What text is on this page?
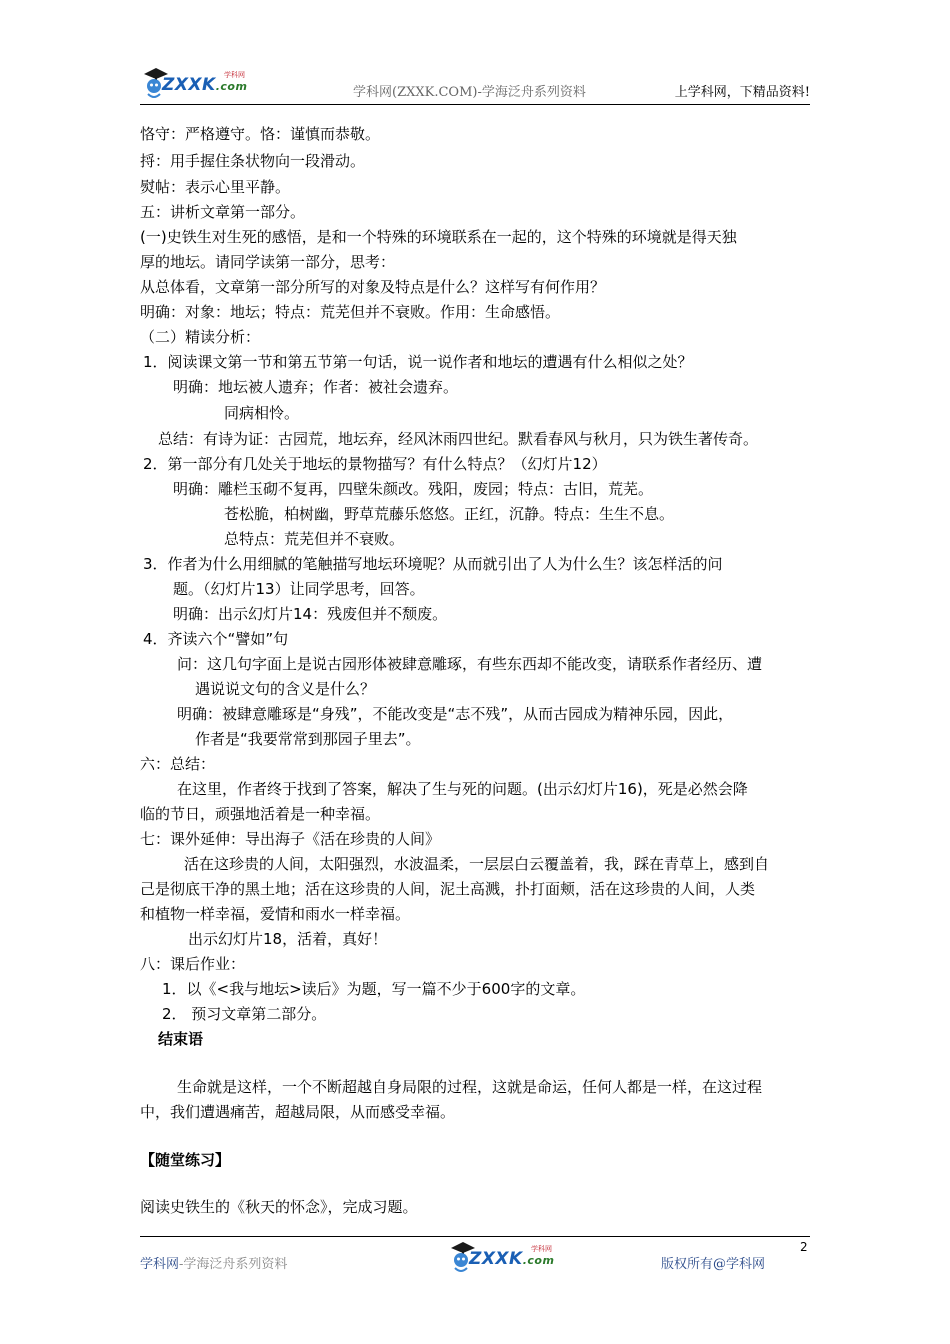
ZXXK.com
学科网
学科网(ZXXK.COM)-学海泛舟系列资料	上学科网，下精品资料!
恪守：严格遵守。恪：谨慎而恭敬。
捋：用手握住条状物向一段滑动。
熨帖：表示心里平静。
五：讲析文章第一部分。
(一)史铁生对生死的感悟，是和一个特殊的环境联系在一起的，这个特殊的环境就是得天独
厚的地坛。请同学读第一部分，思考：
从总体看，文章第一部分所写的对象及特点是什么？这样写有何作用？
明确：对象：地坛；特点：荒芜但并不衰败。作用：生命感悟。
（二）精读分析：
1．阅读课文第一节和第五节第一句话，说一说作者和地坛的遭遇有什么相似之处？
明确：地坛被人遗弃；作者：被社会遗弃。
同病相怜。
总结：有诗为证：古园荒，地坛弃，经风沐雨四世纪。默看春风与秋月，只为铁生著传奇。
2．第一部分有几处关于地坛的景物描写？有什么特点？（幻灯片12）
明确：雕栏玉砌不复再，四壁朱颜改。残阳，废园；特点：古旧，荒芜。
苍松脆，柏树幽，野草荒藤乐悠悠。正红，沉静。特点：生生不息。
总特点：荒芜但并不衰败。
3．作者为什么用细腻的笔触描写地坛环境呢？从而就引出了人为什么生？该怎样活的问
题。（幻灯片13）让同学思考，回答。
明确：出示幻灯片14：残废但并不颓废。
4．齐读六个“譬如”句
问：这几句字面上是说古园形体被肆意雕琢，有些东西却不能改变，请联系作者经历、遭
遇说说文句的含义是什么？
明确：被肆意雕琢是“身残”，不能改变是“志不残”，从而古园成为精神乐园，因此，
作者是“我要常常到那园子里去”。
六：总结：
在这里，作者终于找到了答案，解决了生与死的问题。(出示幻灯片16)，死是必然会降
临的节日，顽强地活着是一种幸福。
七：课外延伸：导出海子《活在珍贵的人间》
活在这珍贵的人间，太阳强烈，水波温柔，一层层白云覆盖着，我，踩在青草上，感到自
己是彻底干净的黑土地；活在这珍贵的人间，泥土高溅，扑打面颊，活在这珍贵的人间，人类
和植物一样幸福，爱情和雨水一样幸福。
出示幻灯片18，活着，真好！
八：课后作业：
1．以《<我与地坛>读后》为题，写一篇不少于600字的文章。
2． 预习文章第二部分。
结束语
生命就是这样，一个不断超越自身局限的过程，这就是命运，任何人都是一样，在这过程
中，我们遭遇痛苦，超越局限，从而感受幸福。
【随堂练习】
阅读史铁生的《秋天的怀念》，完成习题。
学科网-学海泛舟系列资料	ZXXK.com
学科网
版权所有@学科网
2
